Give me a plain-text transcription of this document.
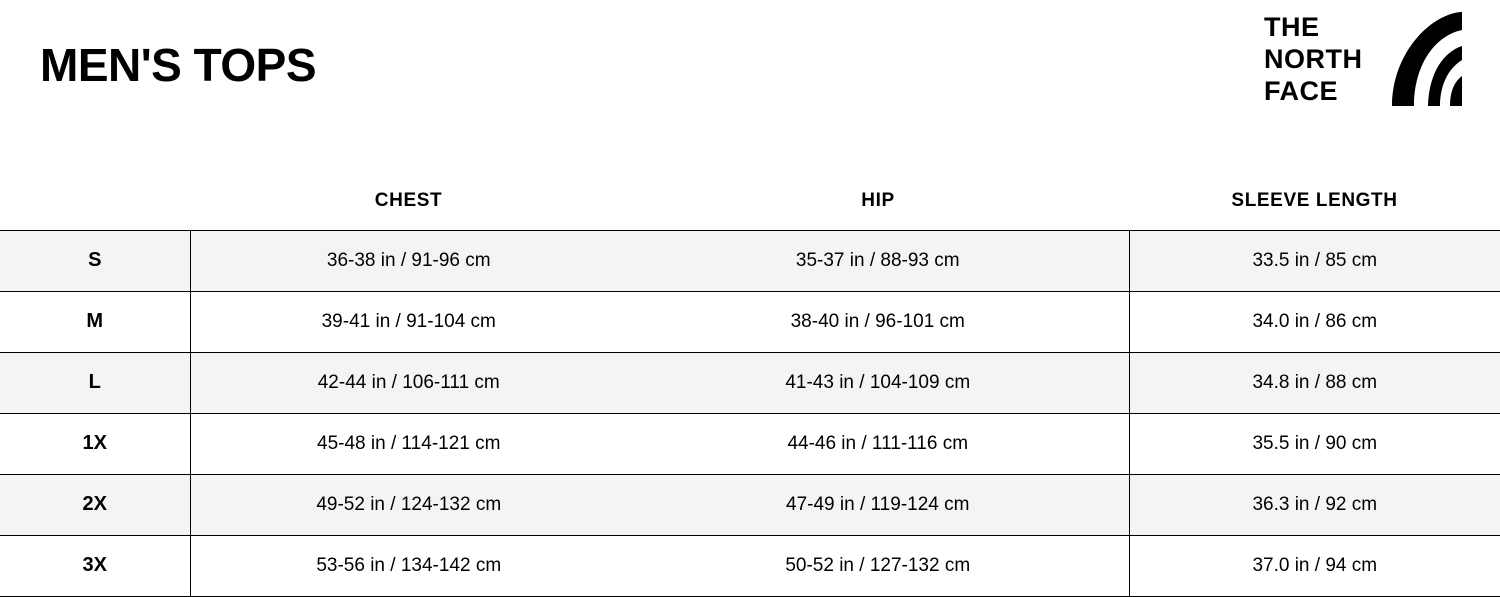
MEN'S TOPS
THE
NORTH
FACE
	CHEST	HIP	SLEEVE LENGTH
S	36-38 in / 91-96 cm	35-37 in / 88-93 cm	33.5 in / 85 cm
M	39-41 in / 91-104 cm	38-40 in / 96-101 cm	34.0 in / 86 cm
L	42-44 in / 106-111 cm	41-43 in / 104-109 cm	34.8 in / 88 cm
1X	45-48 in / 114-121 cm	44-46 in / 111-116 cm	35.5 in / 90 cm
2X	49-52 in / 124-132 cm	47-49 in / 119-124 cm	36.3 in / 92 cm
3X	53-56 in / 134-142 cm	50-52 in / 127-132 cm	37.0 in / 94 cm
